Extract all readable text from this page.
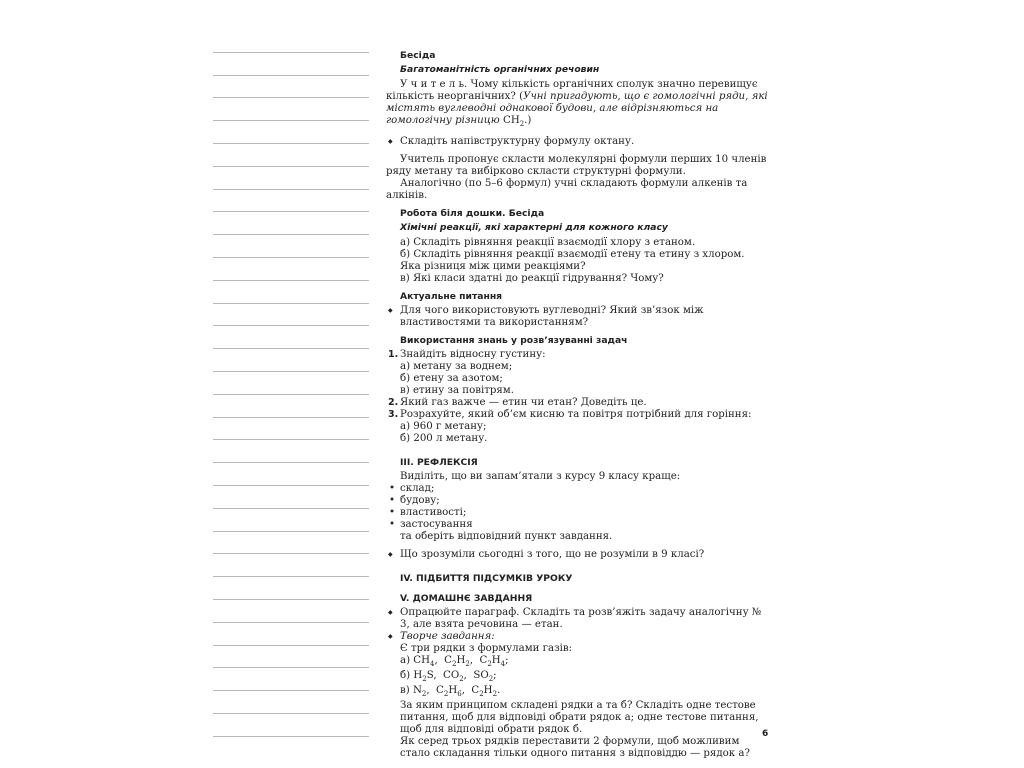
Бесіда
Багатоманітність органічних речовин

У ч и т е л ь. Чому кількість органічних сполук значно перевищує кількість неорганічних? (Учні пригадують, що є гомологічні ряди, які містять вуглеводні однакової будови, але відрізняються на гомологічну різницю $CH_2$.)

◆ Складіть напівструктурну формулу октану.

Учитель пропонує скласти молекулярні формули перших 10 членів ряду метану та вибірково скласти структурні формули.

Аналогічно (по 5–6 формул) учні складають формули алкенів та алкінів.

Робота біля дошки. Бесіда
Хімічні реакції, які характерні для кожного класу

а) Складіть рівняння реакції взаємодії хлору з етаном.

б) Складіть рівняння реакції взаємодії етену та етину з хлором. Яка різниця між цими реакціями?

в) Які класи здатні до реакції гідрування? Чому?

Актуальне питання

◆ Для чого використовують вуглеводні? Який зв’язок між властивостями та використанням?

Використання знань у розв’язуванні задач

1. Знайдіть відносну густину:

а) метану за воднем;

б) етену за азотом;

в) етину за повітрям.

2. Який газ важче — етин чи етан? Доведіть це.

3. Розрахуйте, який об’єм кисню та повітря потрібний для горіння:

а) 960 г метану;

б) 200 л метану.

ІІІ. РЕФЛЕКСІЯ

Виділіть, що ви запам’ятали з курсу 9 класу краще:

• склад;

• будову;

• властивості;

• застосування

та оберіть відповідний пункт завдання.

◆ Що зрозуміли сьогодні з того, що не розуміли в 9 класі?

IV. ПІДБИТТЯ ПІДСУМКІВ УРОКУ
V. ДОМАШНЄ ЗАВДАННЯ

◆ Опрацюйте параграф. Складіть та розв’яжіть задачу аналогічну № 3, але взята речовина — етан.

◆ Творче завдання:

Є три рядки з формулами газів:

а) $CH_4$,  $C_2H_2$,  $C_2H_4$;

б) $H_2S$,  $CO_2$,  $SO_2$;

в) $N_2$,  $C_2H_6$,  $C_2H_2$.

За яким принципом складені рядки а та б? Складіть одне тестове питання, щоб для відповіді обрати рядок а; одне тестове питання, щоб для відповіді обрати рядок б.

Як серед трьох рядків переставити 2 формули, щоб можливим стало складання тільки одного питання з відповіддю — рядок а?

6
